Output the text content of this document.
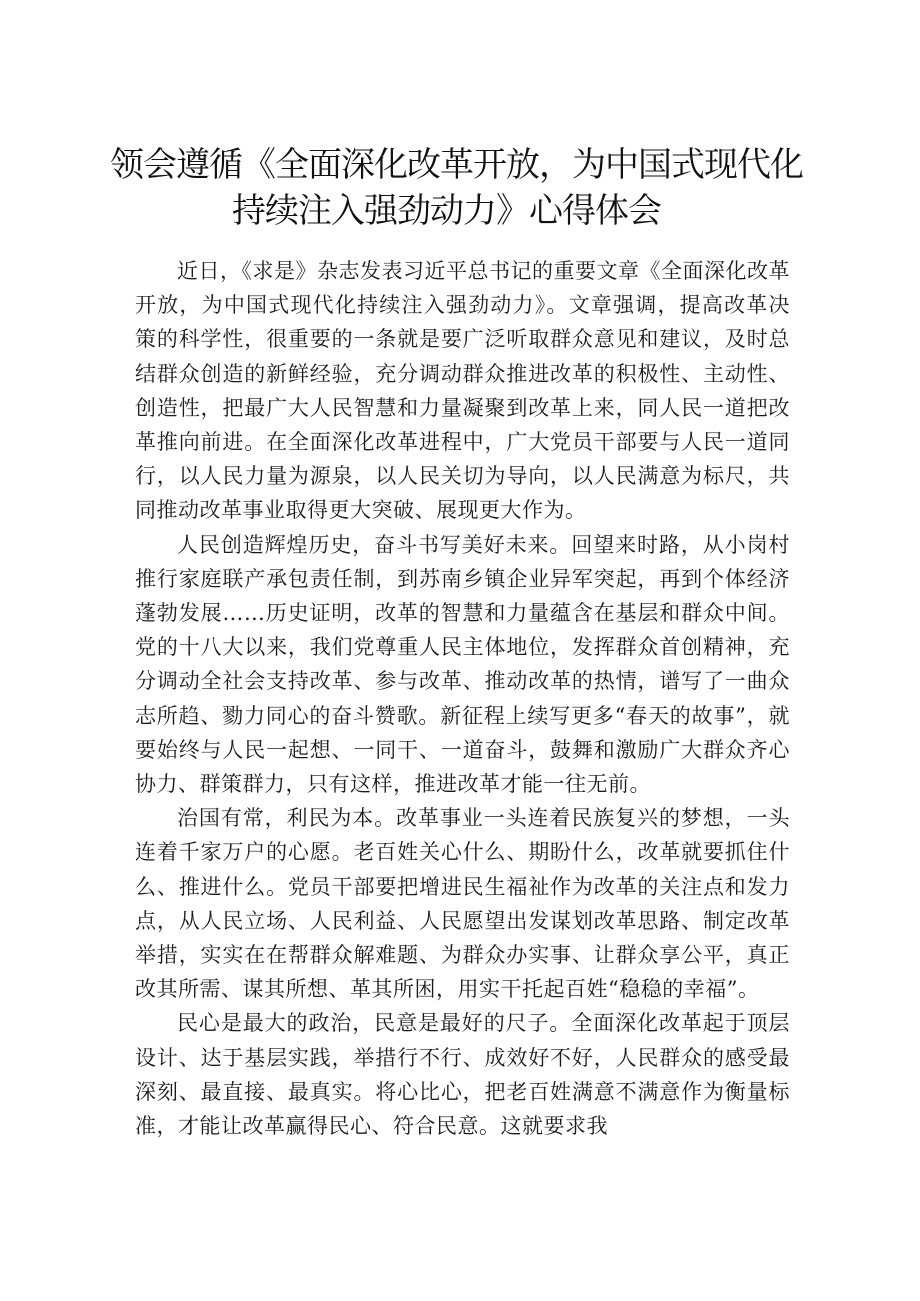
领会遵循《全面深化改革开放，为中国式现代化
持续注入强劲动力》心得体会

近日，《求是》杂志发表习近平总书记的重要文章《全面深化改革开放，为中国式现代化持续注入强劲动力》。文章强调，提高改革决策的科学性，很重要的一条就是要广泛听取群众意见和建议，及时总结群众创造的新鲜经验，充分调动群众推进改革的积极性、主动性、创造性，把最广大人民智慧和力量凝聚到改革上来，同人民一道把改革推向前进。在全面深化改革进程中，广大党员干部要与人民一道同行，以人民力量为源泉，以人民关切为导向，以人民满意为标尺，共同推动改革事业取得更大突破、展现更大作为。

人民创造辉煌历史，奋斗书写美好未来。回望来时路，从小岗村推行家庭联产承包责任制，到苏南乡镇企业异军突起，再到个体经济蓬勃发展……历史证明，改革的智慧和力量蕴含在基层和群众中间。党的十八大以来，我们党尊重人民主体地位，发挥群众首创精神，充分调动全社会支持改革、参与改革、推动改革的热情，谱写了一曲众志所趋、勠力同心的奋斗赞歌。新征程上续写更多“春天的故事”，就要始终与人民一起想、一同干、一道奋斗，鼓舞和激励广大群众齐心协力、群策群力，只有这样，推进改革才能一往无前。

治国有常，利民为本。改革事业一头连着民族复兴的梦想，一头连着千家万户的心愿。老百姓关心什么、期盼什么，改革就要抓住什么、推进什么。党员干部要把增进民生福祉作为改革的关注点和发力点，从人民立场、人民利益、人民愿望出发谋划改革思路、制定改革举措，实实在在帮群众解难题、为群众办实事、让群众享公平，真正改其所需、谋其所想、革其所困，用实干托起百姓“稳稳的幸福”。

民心是最大的政治，民意是最好的尺子。全面深化改革起于顶层设计、达于基层实践，举措行不行、成效好不好，人民群众的感受最深刻、最直接、最真实。将心比心，把老百姓满意不满意作为衡量标准，才能让改革赢得民心、符合民意。这就要求我
